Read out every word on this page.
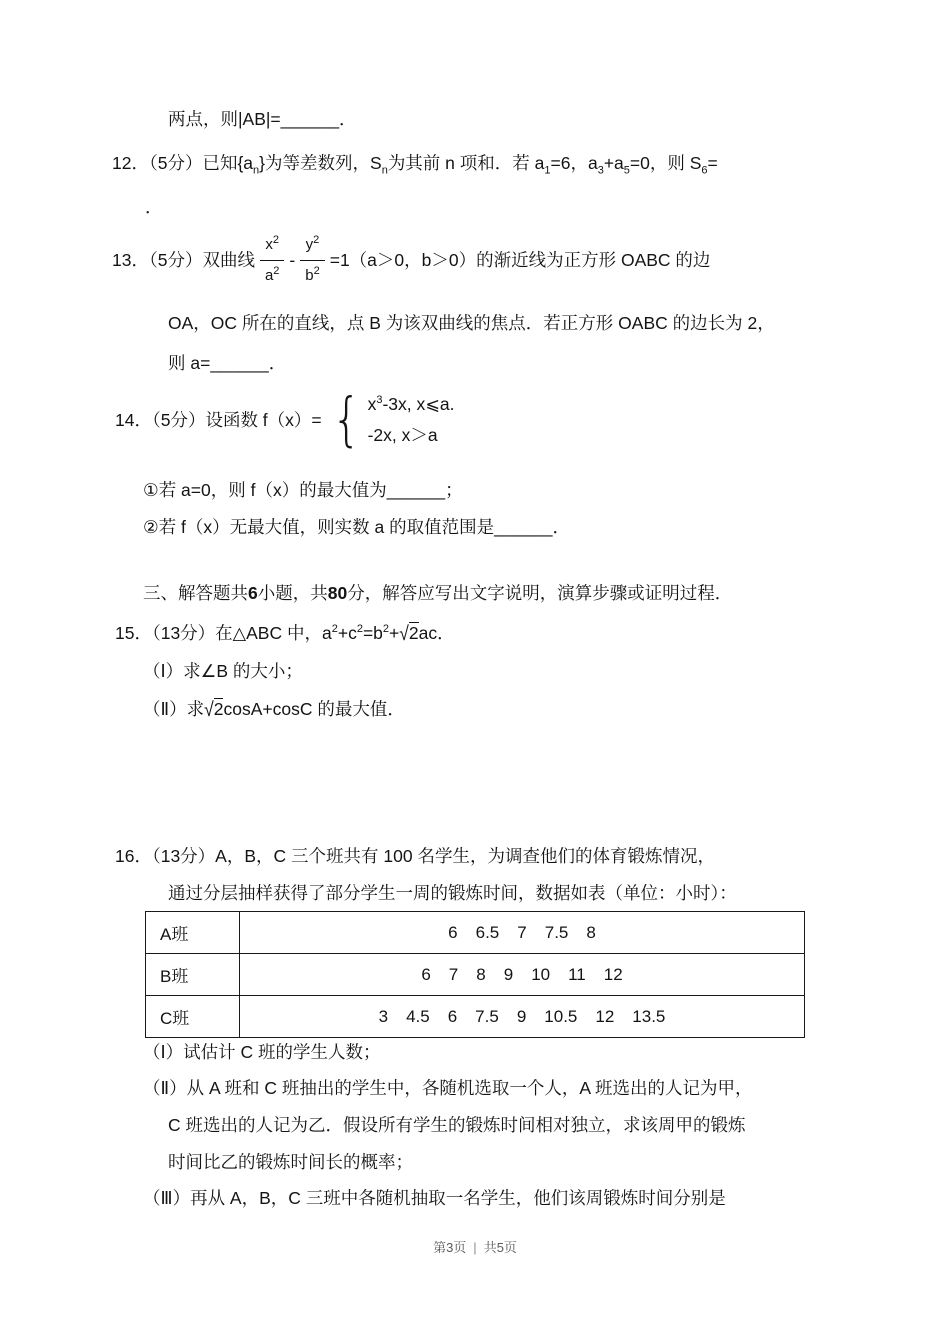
两点，则|AB|=______．
12．（5分）已知$\{a_n\}$为等差数列，$S_n$为其前 n 项和．若 $a_1=6$，$a_3+a_5=0$，则 $S_6=$
．
13．（5分）双曲线 $\frac{x^2}{a^2} - \frac{y^2}{b^2} =1(a>0$，b＞0）的渐近线为正方形 OABC 的边
OA，OC 所在的直线，点 B 为该双曲线的焦点．若正方形 OABC 的边长为 2，
则 a=______．
14．（5分）设函数 f（x）= { $x^3-3x$, x⩽a.
-2x, x＞a
①若 a=0，则 f（x）的最大值为______；
②若 f（x）无最大值，则实数 a 的取值范围是______．
三、解答题共6小题，共80分，解答应写出文字说明，演算步骤或证明过程．
15．（13分）在△ABC 中，$a^2+c^2=b^2+√2ac$．
（Ⅰ）求∠B 的大小；
（Ⅱ）求√2cosA+cosC 的最大值．
16．（13分）A，B，C 三个班共有 100 名学生，为调查他们的体育锻炼情况，
通过分层抽样获得了部分学生一周的锻炼时间，数据如表（单位：小时）：
A班	6 6.5 7 7.5 8
B班	6 7 8 9 10 11 12
C班	3 4.5 6 7.5 9 10.5 12 13.5
（Ⅰ）试估计 C 班的学生人数；
（Ⅱ）从 A 班和 C 班抽出的学生中，各随机选取一个人，A 班选出的人记为甲，
C 班选出的人记为乙．假设所有学生的锻炼时间相对独立，求该周甲的锻炼
时间比乙的锻炼时间长的概率；
（Ⅲ）再从 A，B，C 三班中各随机抽取一名学生，他们该周锻炼时间分别是
第3页 | 共5页
